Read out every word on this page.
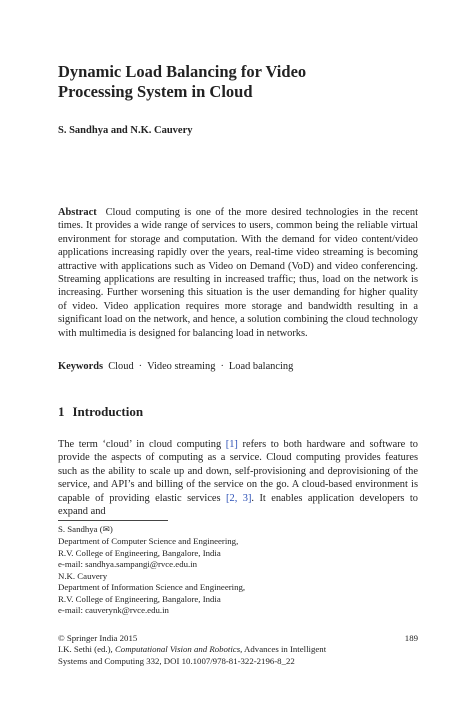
Dynamic Load Balancing for Video
Processing System in Cloud
S. Sandhya and N.K. Cauvery

Abstract Cloud computing is one of the more desired technologies in the recent times. It provides a wide range of services to users, common being the reliable virtual environment for storage and computation. With the demand for video content/video applications increasing rapidly over the years, real-time video streaming is becoming attractive with applications such as Video on Demand (VoD) and video conferencing. Streaming applications are resulting in increased traffic; thus, load on the network is increasing. Further worsening this situation is the user demanding for higher quality of video. Video application requires more storage and bandwidth resulting in a significant load on the network, and hence, a solution combining the cloud technology with multimedia is designed for balancing load in networks.

Keywords Cloud · Video streaming · Load balancing
1 Introduction

The term ‘cloud’ in cloud computing [1] refers to both hardware and software to provide the aspects of computing as a service. Cloud computing provides features such as the ability to scale up and down, self-provisioning and deprovisioning of the service, and API’s and billing of the service on the go. A cloud-based environment is capable of providing elastic services [2, 3]. It enables application developers to expand and

S. Sandhya (✉)
Department of Computer Science and Engineering,
R.V. College of Engineering, Bangalore, India
e-mail: sandhya.sampangi@rvce.edu.in
N.K. Cauvery
Department of Information Science and Engineering,
R.V. College of Engineering, Bangalore, India
e-mail: cauverynk@rvce.edu.in
© Springer India 2015	189
I.K. Sethi (ed.), Computational Vision and Robotics, Advances in Intelligent
Systems and Computing 332, DOI 10.1007/978-81-322-2196-8_22
